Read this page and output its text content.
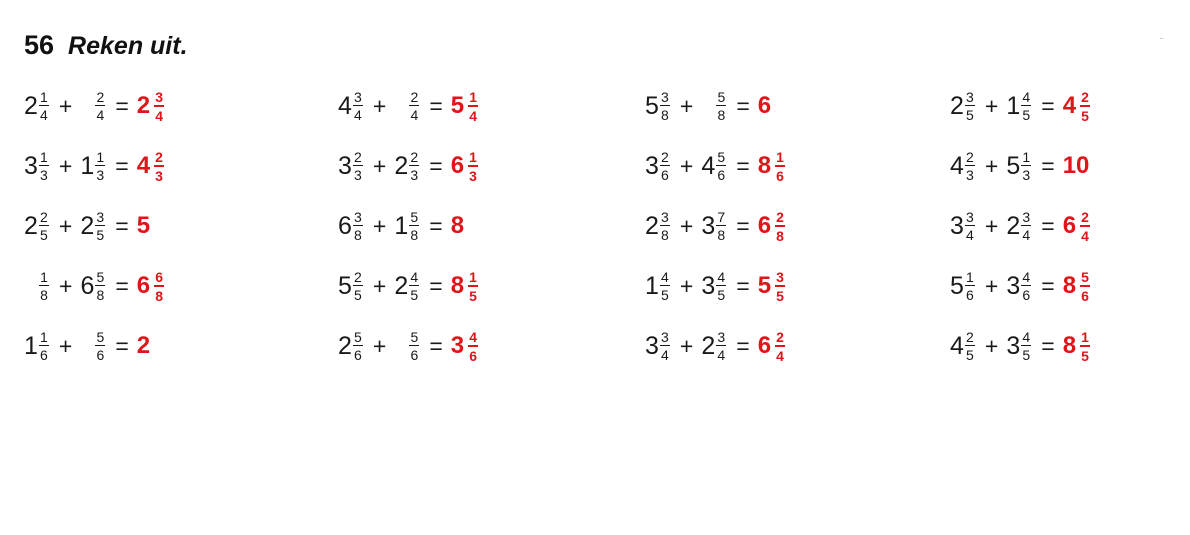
56 Reken uit.
$2 \frac{1}{4} + \frac{2}{4} = 2 \frac{3}{4}$	$4 \frac{3}{4} + \frac{2}{4} = 5 \frac{1}{4}$	$5 \frac{3}{8} + \frac{5}{8} = 6$	$2 \frac{3}{5} + 1 \frac{4}{5} = 4 \frac{2}{5}$
$3 \frac{1}{3} + 1 \frac{1}{3} = 4 \frac{2}{3}$	$3 \frac{2}{3} + 2 \frac{2}{3} = 6 \frac{1}{3}$	$3 \frac{2}{6} + 4 \frac{5}{6} = 8 \frac{1}{6}$	$4 \frac{2}{3} + 5 \frac{1}{3} = 10$
$2 \frac{2}{5} + 2 \frac{3}{5} = 5$	$6 \frac{3}{8} + 1 \frac{5}{8} = 8$	$2 \frac{3}{8} + 3 \frac{7}{8} = 6 \frac{2}{8}$	$3 \frac{3}{4} + 2 \frac{3}{4} = 6 \frac{2}{4}$
$\frac{1}{8} + 6 \frac{5}{8} = 6 \frac{6}{8}$	$5 \frac{2}{5} + 2 \frac{4}{5} = 8 \frac{1}{5}$	$1 \frac{4}{5} + 3 \frac{4}{5} = 5 \frac{3}{5}$	$5 \frac{1}{6} + 3 \frac{4}{6} = 8 \frac{5}{6}$
$1 \frac{1}{6} + \frac{5}{6} = 2$	$2 \frac{5}{6} + \frac{5}{6} = 3 \frac{4}{6}$	$3 \frac{3}{4} + 2 \frac{3}{4} = 6 \frac{2}{4}$	$4 \frac{2}{5} + 3 \frac{4}{5} = 8 \frac{1}{5}$
